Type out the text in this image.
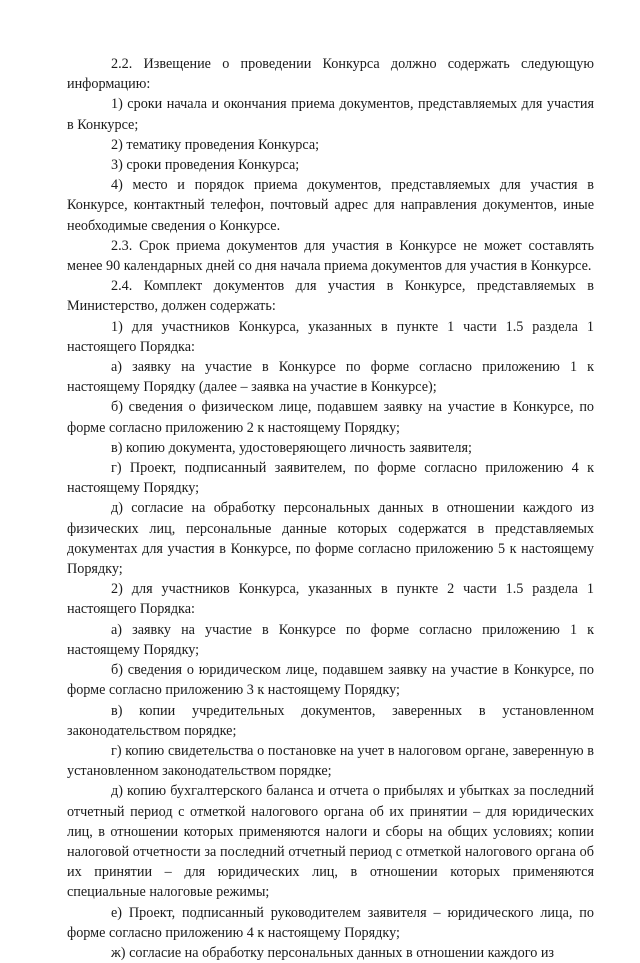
2.2. Извещение о проведении Конкурса должно содержать следующую информацию:

1) сроки начала и окончания приема документов, представляемых для участия в Конкурсе;

2) тематику проведения Конкурса;

3) сроки проведения Конкурса;

4) место и порядок приема документов, представляемых для участия в Конкурсе, контактный телефон, почтовый адрес для направления документов, иные необходимые сведения о Конкурсе.

2.3. Срок приема документов для участия в Конкурсе не может составлять менее 90 календарных дней со дня начала приема документов для участия в Конкурсе.

2.4. Комплект документов для участия в Конкурсе, представляемых в Министерство, должен содержать:

1) для участников Конкурса, указанных в пункте 1 части 1.5 раздела 1 настоящего Порядка:

а) заявку на участие в Конкурсе по форме согласно приложению 1 к настоящему Порядку (далее – заявка на участие в Конкурсе);

б) сведения о физическом лице, подавшем заявку на участие в Конкурсе, по форме согласно приложению 2 к настоящему Порядку;

в) копию документа, удостоверяющего личность заявителя;

г) Проект, подписанный заявителем, по форме согласно приложению 4 к настоящему Порядку;

д) согласие на обработку персональных данных в отношении каждого из физических лиц, персональные данные которых содержатся в представляемых документах для участия в Конкурсе, по форме согласно приложению 5 к настоящему Порядку;

2) для участников Конкурса, указанных в пункте 2 части 1.5 раздела 1 настоящего Порядка:

а) заявку на участие в Конкурсе по форме согласно приложению 1 к настоящему Порядку;

б) сведения о юридическом лице, подавшем заявку на участие в Конкурсе, по форме согласно приложению 3 к настоящему Порядку;

в) копии учредительных документов, заверенных в установленном законодательством порядке;

г) копию свидетельства о постановке на учет в налоговом органе, заверенную в установленном законодательством порядке;

д) копию бухгалтерского баланса и отчета о прибылях и убытках за последний отчетный период с отметкой налогового органа об их принятии – для юридических лиц, в отношении которых применяются налоги и сборы на общих условиях; копии налоговой отчетности за последний отчетный период с отметкой налогового органа об их принятии – для юридических лиц, в отношении которых применяются специальные налоговые режимы;

е) Проект, подписанный руководителем заявителя – юридического лица, по форме согласно приложению 4 к настоящему Порядку;

ж) согласие на обработку персональных данных в отношении каждого из
